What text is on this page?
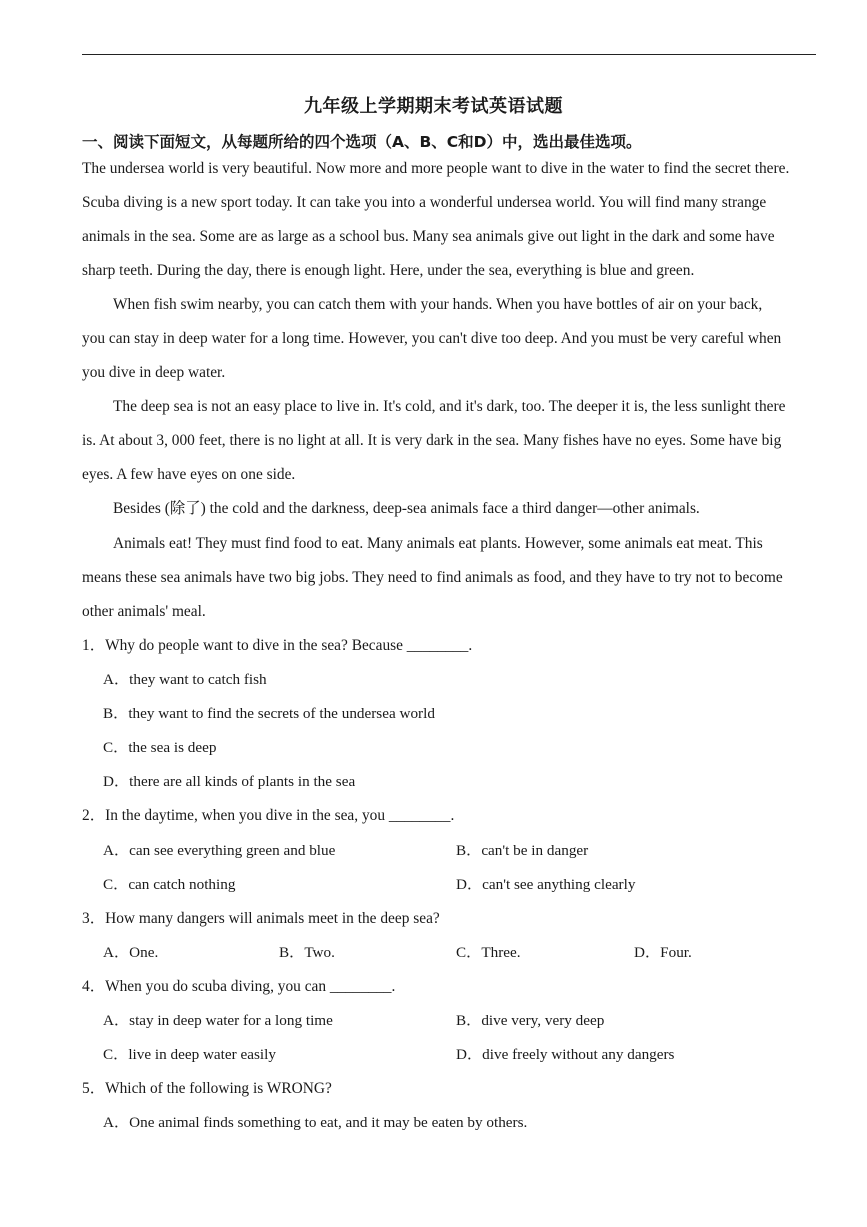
九年级上学期期末考试英语试题
一、阅读下面短文，从每题所给的四个选项（A、B、C和D）中，选出最佳选项。
The undersea world is very beautiful. Now more and more people want to dive in the water to find the secret there.
Scuba diving is a new sport today. It can take you into a wonderful undersea world. You will find many strange
animals in the sea. Some are as large as a school bus. Many sea animals give out light in the dark and some have
sharp teeth. During the day, there is enough light. Here, under the sea, everything is blue and green.
When fish swim nearby, you can catch them with your hands. When you have bottles of air on your back,
you can stay in deep water for a long time. However, you can't dive too deep. And you must be very careful when
you dive in deep water.
The deep sea is not an easy place to live in. It's cold, and it's dark, too. The deeper it is, the less sunlight there
is. At about 3, 000 feet, there is no light at all. It is very dark in the sea. Many fishes have no eyes. Some have big
eyes. A few have eyes on one side.
Besides (除了) the cold and the darkness, deep-sea animals face a third danger—other animals.
Animals eat! They must find food to eat. Many animals eat plants. However, some animals eat meat. This
means these sea animals have two big jobs. They need to find animals as food, and they have to try not to become
other animals' meal.
1．Why do people want to dive in the sea? Because ________.
A．they want to catch fish
B．they want to find the secrets of the undersea world
C．the sea is deep
D．there are all kinds of plants in the sea
2．In the daytime, when you dive in the sea, you ________.
A．can see everything green and blue	B．can't be in danger
C．can catch nothing	D．can't see anything clearly
3．How many dangers will animals meet in the deep sea?
A．One.	B．Two.	C．Three.	D．Four.
4．When you do scuba diving, you can ________.
A．stay in deep water for a long time	B．dive very, very deep
C．live in deep water easily	D．dive freely without any dangers
5．Which of the following is WRONG?
A．One animal finds something to eat, and it may be eaten by others.
